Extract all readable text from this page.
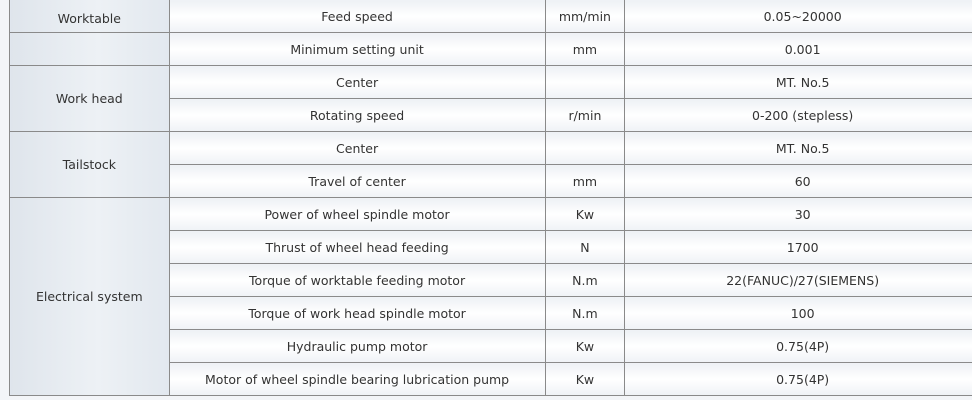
Worktable	Feed speed	mm/min	0.05~20000
	Minimum setting unit	mm	0.001
Work head	Center		MT. No.5
	Rotating speed	r/min	0-200 (stepless)
Tailstock	Center		MT. No.5
	Travel of center	mm	60
Electrical system	Power of wheel spindle motor	Kw	30
	Thrust of wheel head feeding	N	1700
	Torque of worktable feeding motor	N.m	22(FANUC)/27(SIEMENS)
	Torque of work head spindle motor	N.m	100
	Hydraulic pump motor	Kw	0.75(4P)
	Motor of wheel spindle bearing lubrication pump	Kw	0.75(4P)
